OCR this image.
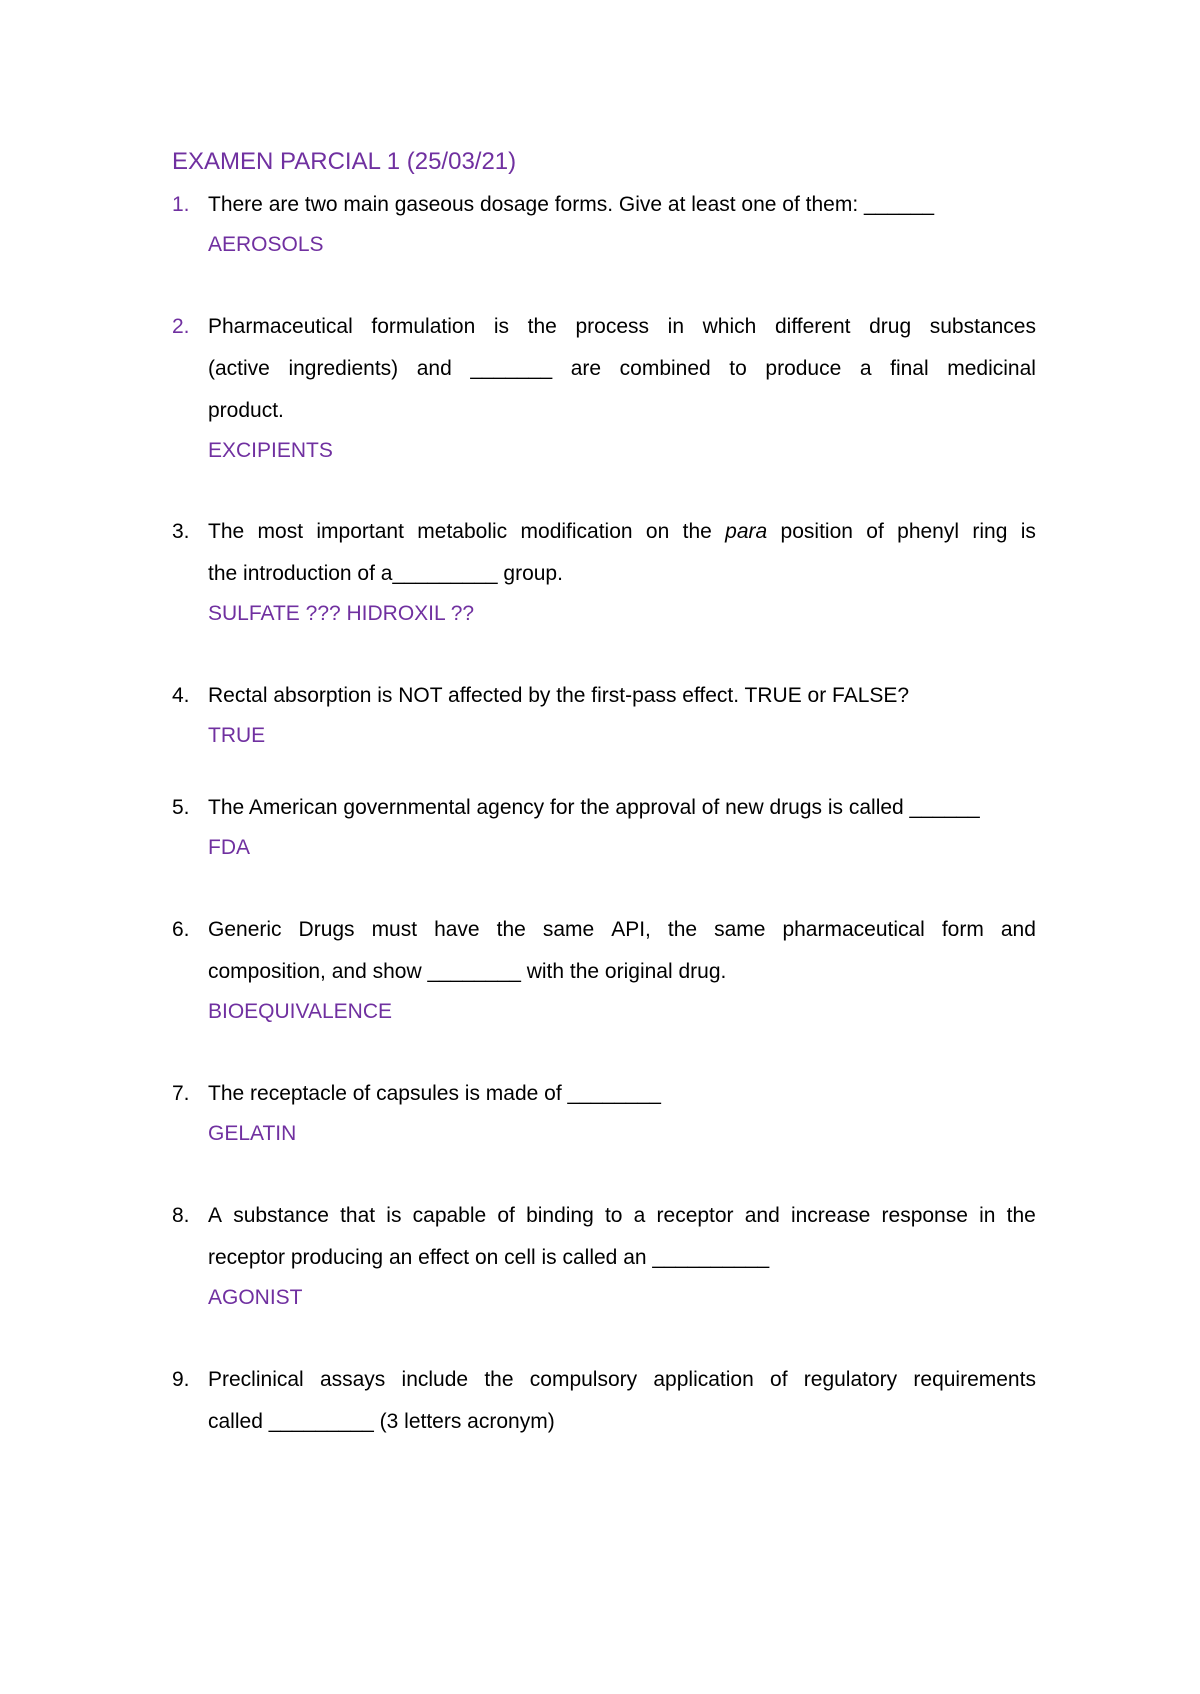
EXAMEN PARCIAL 1 (25/03/21)
1. There are two main gaseous dosage forms. Give at least one of them: ______
AEROSOLS
2. Pharmaceutical formulation is the process in which different drug substances
(active ingredients) and _______ are combined to produce a final medicinal
product.
EXCIPIENTS
3. The most important metabolic modification on the para position of phenyl ring is
the introduction of a_________ group.
SULFATE ??? HIDROXIL ??
4. Rectal absorption is NOT affected by the first-pass effect. TRUE or FALSE?
TRUE
5. The American governmental agency for the approval of new drugs is called ______
FDA
6. Generic Drugs must have the same API, the same pharmaceutical form and
composition, and show ________ with the original drug.
BIOEQUIVALENCE
7. The receptacle of capsules is made of ________
GELATIN
8. A substance that is capable of binding to a receptor and increase response in the
receptor producing an effect on cell is called an __________
AGONIST
9. Preclinical assays include the compulsory application of regulatory requirements
called _________ (3 letters acronym)
